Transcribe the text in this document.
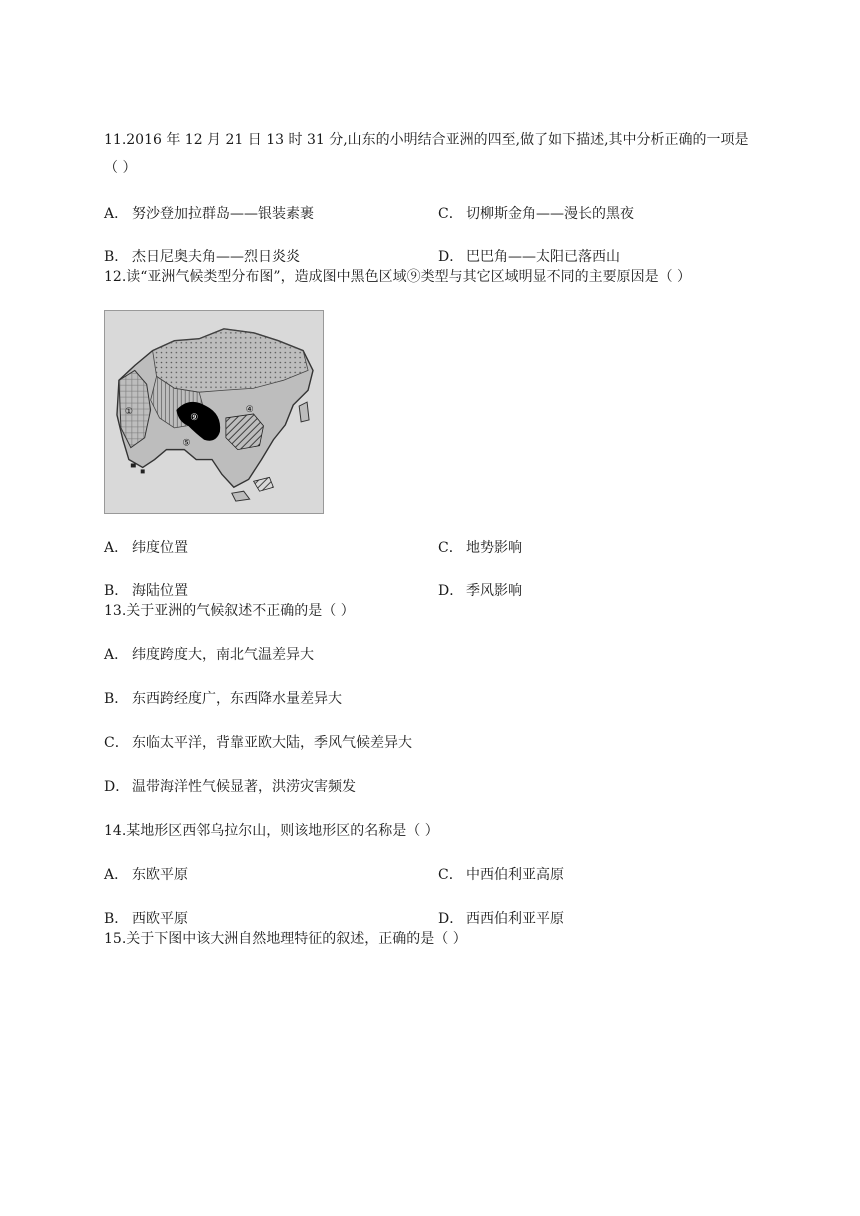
11.2016 年 12 月 21 日 13 时 31 分,山东的小明结合亚洲的四至,做了如下描述,其中分析正确的一项是
（ ）
A． 努沙登加拉群岛——银装素裹	C． 切柳斯金角——漫长的黑夜
B． 杰日尼奥夫角——烈日炎炎	D． 巴巴角——太阳已落西山
12.读“亚洲气候类型分布图”，造成图中黑色区域⑨类型与其它区域明显不同的主要原因是（ ）
①	④
⑤
⑨
A． 纬度位置	C． 地势影响
B． 海陆位置	D． 季风影响
13.关于亚洲的气候叙述不正确的是（ ）
A． 纬度跨度大，南北气温差异大
B． 东西跨经度广，东西降水量差异大
C． 东临太平洋，背靠亚欧大陆，季风气候差异大
D． 温带海洋性气候显著，洪涝灾害频发
14.某地形区西邻乌拉尔山，则该地形区的名称是（ ）
A． 东欧平原	C． 中西伯利亚高原
B． 西欧平原	D． 西西伯利亚平原
15.关于下图中该大洲自然地理特征的叙述，正确的是（ ）
